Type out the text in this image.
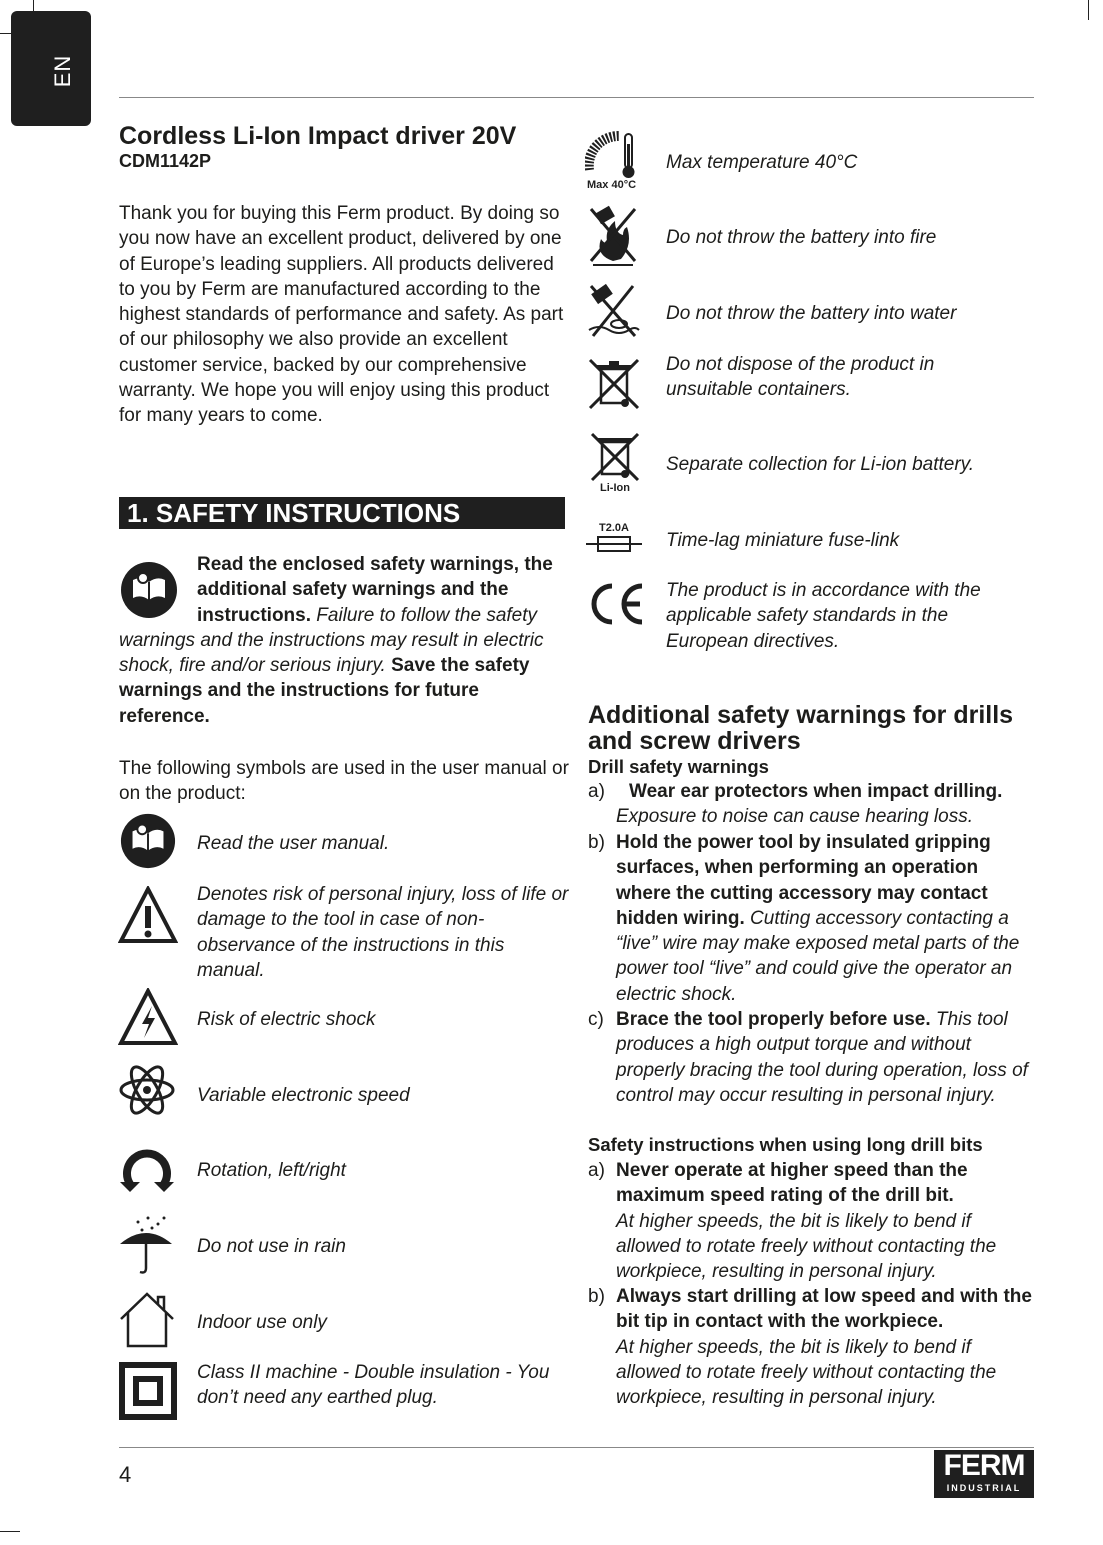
EN
Cordless Li-Ion Impact driver 20V
CDM1142P
Thank you for buying this Ferm product. By doing so you now have an excellent product, delivered by one of Europe’s leading suppliers. All products delivered to you by Ferm are manufactured according to the highest standards of performance and safety. As part of our philosophy we also provide an excellent customer service, backed by our comprehensive warranty. We hope you will enjoy using this product for many years to come.
1. SAFETY INSTRUCTIONS
Read the enclosed safety warnings, the additional safety warnings and the instructions. Failure to follow the safety warnings and the instructions may result in electric shock, fire and/or serious injury. Save the safety warnings and the instructions for future reference.
The following symbols are used in the user manual or on the product:
Read the user manual.
Denotes risk of personal injury, loss of life or damage to the tool in case of non-observance of the instructions in this manual.
Risk of electric shock
Variable electronic speed
Rotation, left/right
Do not use in rain
Indoor use only
Class II machine - Double insulation - You don’t need any earthed plug.
Max 40°C
Max temperature 40°C
Do not throw the battery into fire
Do not throw the battery into water
Do not dispose of the product in unsuitable containers.
Li-Ion
Separate collection for Li-ion battery.
T2.0A
Time-lag miniature fuse-link
The product is in accordance with the applicable safety standards in the European directives.
Additional safety warnings for drills and screw drivers
Drill safety warnings
a) Wear ear protectors when impact drilling.
Exposure to noise can cause hearing loss.
b) Hold the power tool by insulated gripping surfaces, when performing an operation where the cutting accessory may contact hidden wiring. Cutting accessory contacting a “live” wire may make exposed metal parts of the power tool “live” and could give the operator an electric shock.
c) Brace the tool properly before use. This tool produces a high output torque and without properly bracing the tool during operation, loss of control may occur resulting in personal injury.
Safety instructions when using long drill bits
a) Never operate at higher speed than the maximum speed rating of the drill bit.
At higher speeds, the bit is likely to bend if allowed to rotate freely without contacting the workpiece, resulting in personal injury.
b) Always start drilling at low speed and with the bit tip in contact with the workpiece.
At higher speeds, the bit is likely to bend if allowed to rotate freely without contacting the workpiece, resulting in personal injury.
4	FERM
INDUSTRIAL
